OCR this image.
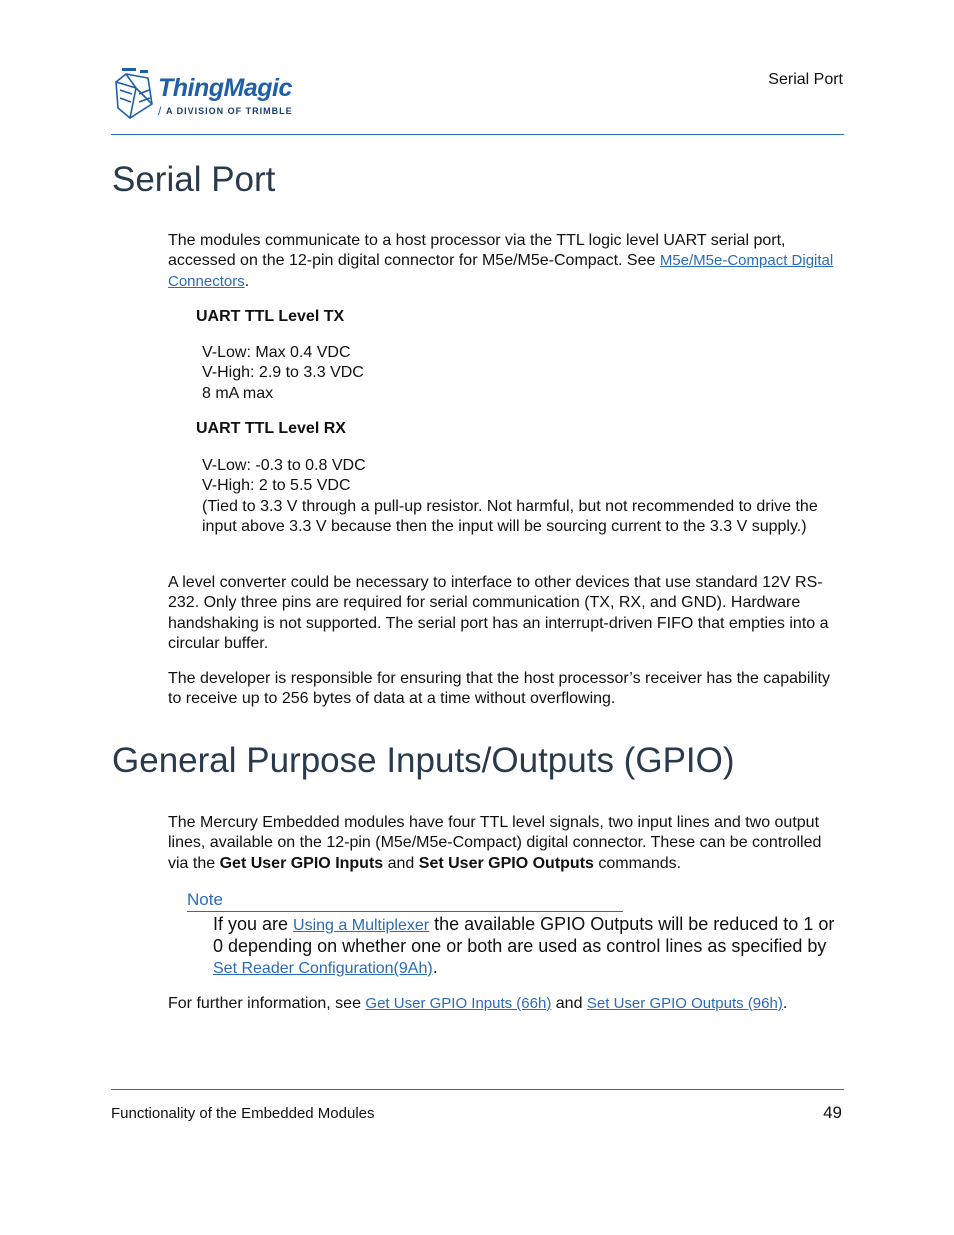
ThingMagic
/ A DIVISION OF TRIMBLE
Serial Port
Serial Port

The modules communicate to a host processor via the TTL logic level UART serial port, accessed on the 12-pin digital connector for M5e/M5e-Compact. See M5e/M5e-Compact Digital Connectors.

UART TTL Level TX
V-Low: Max 0.4 VDC
V-High: 2.9 to 3.3 VDC
8 mA max
UART TTL Level RX
V-Low: -0.3 to 0.8 VDC
V-High: 2 to 5.5 VDC
(Tied to 3.3 V through a pull-up resistor. Not harmful, but not recommended to drive the input above 3.3 V because then the input will be sourcing current to the 3.3 V supply.)

A level converter could be necessary to interface to other devices that use standard 12V RS-232. Only three pins are required for serial communication (TX, RX, and GND). Hardware handshaking is not supported. The serial port has an interrupt-driven FIFO that empties into a circular buffer.

The developer is responsible for ensuring that the host processor’s receiver has the capability to receive up to 256 bytes of data at a time without overflowing.

General Purpose Inputs/Outputs (GPIO)

The Mercury Embedded modules have four TTL level signals, two input lines and two output lines, available on the 12-pin (M5e/M5e-Compact) digital connector. These can be controlled via the Get User GPIO Inputs and Set User GPIO Outputs commands.

Note

If you are Using a Multiplexer the available GPIO Outputs will be reduced to 1 or 0 depending on whether one or both are used as control lines as specified by Set Reader Configuration(9Ah).

For further information, see Get User GPIO Inputs (66h) and Set User GPIO Outputs (96h).

Functionality of the Embedded Modules	49
